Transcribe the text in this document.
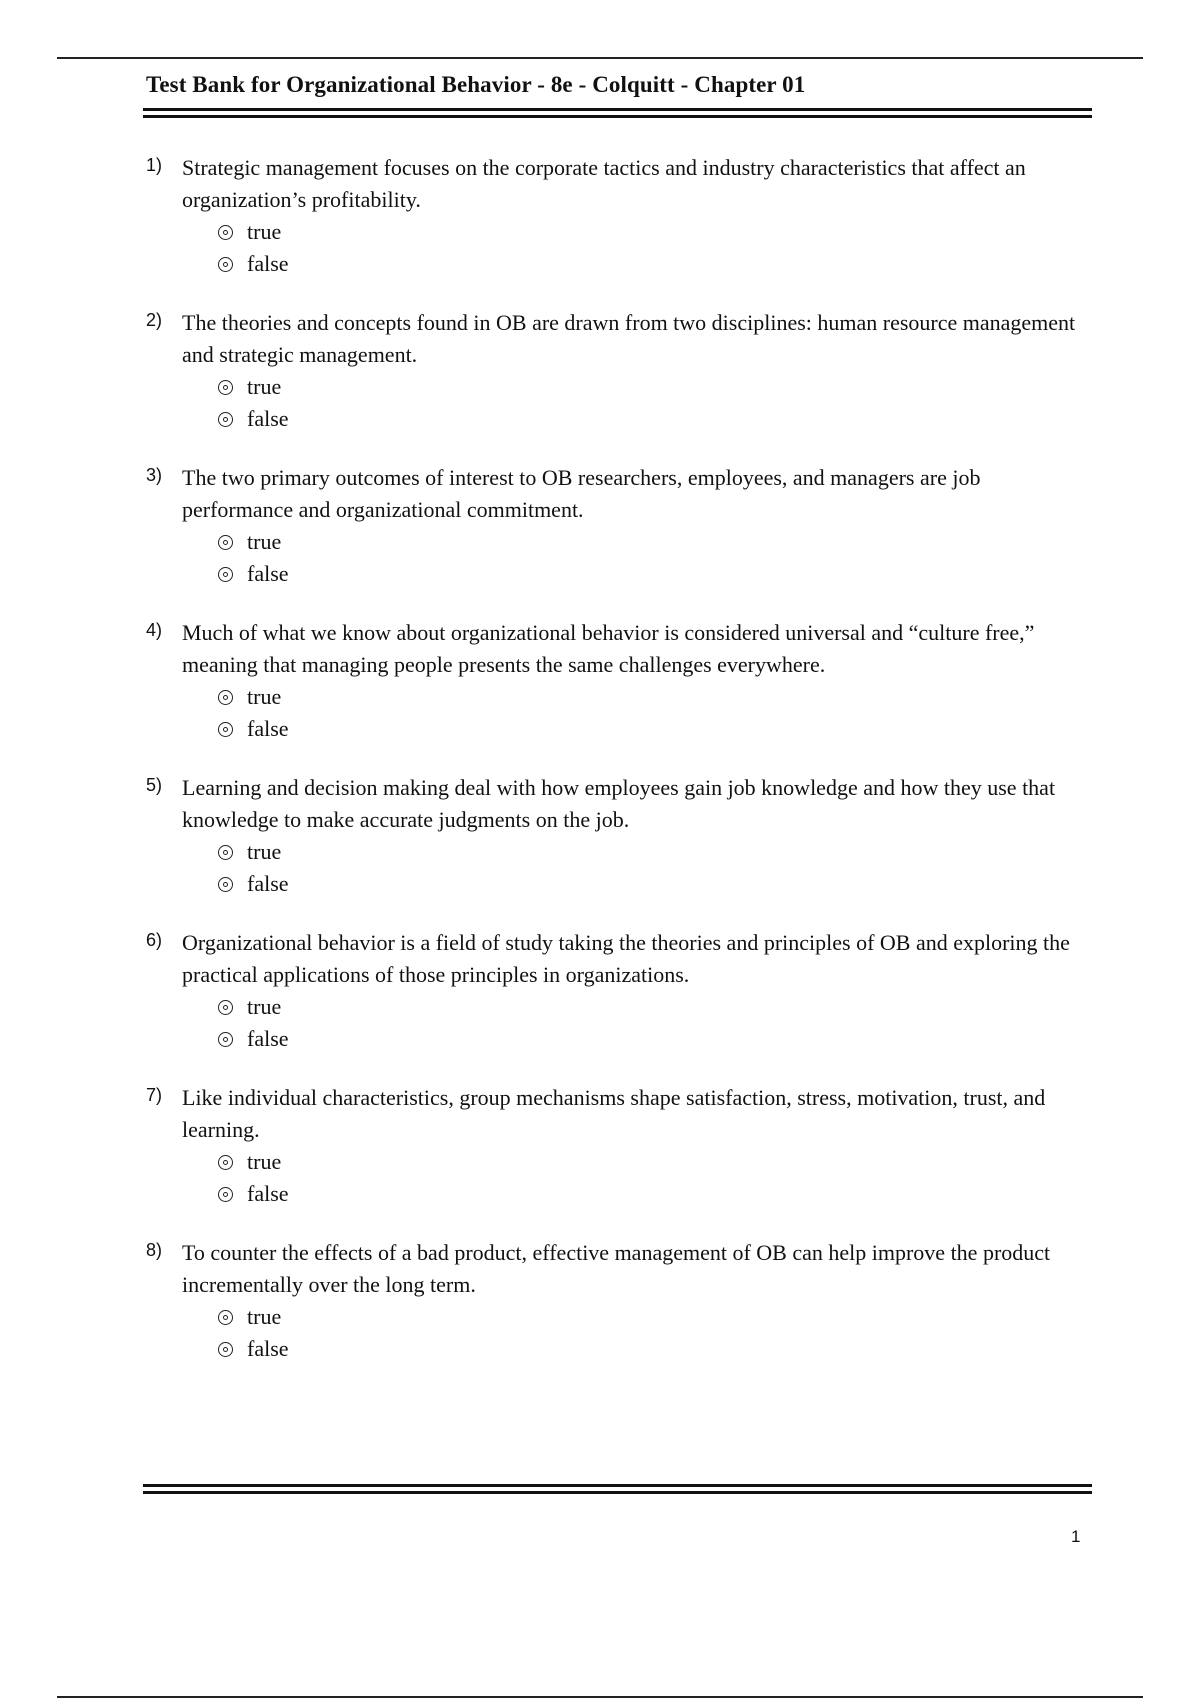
Test Bank for Organizational Behavior - 8e - Colquitt - Chapter 01
1) Strategic management focuses on the corporate tactics and industry characteristics that affect an organization’s profitability.
true
false
2) The theories and concepts found in OB are drawn from two disciplines: human resource management and strategic management.
true
false
3) The two primary outcomes of interest to OB researchers, employees, and managers are job performance and organizational commitment.
true
false
4) Much of what we know about organizational behavior is considered universal and “culture free,” meaning that managing people presents the same challenges everywhere.
true
false
5) Learning and decision making deal with how employees gain job knowledge and how they use that knowledge to make accurate judgments on the job.
true
false
6) Organizational behavior is a field of study taking the theories and principles of OB and exploring the practical applications of those principles in organizations.
true
false
7) Like individual characteristics, group mechanisms shape satisfaction, stress, motivation, trust, and learning.
true
false
8) To counter the effects of a bad product, effective management of OB can help improve the product incrementally over the long term.
true
false
1
